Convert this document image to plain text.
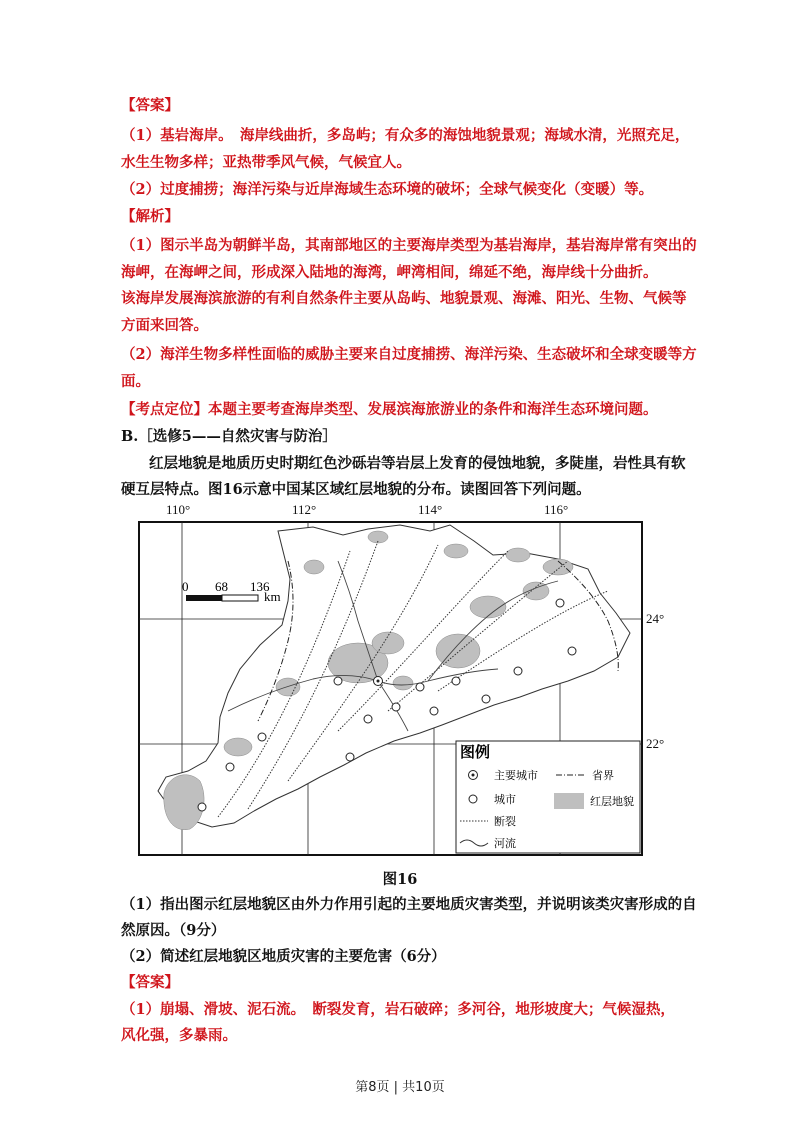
【答案】
（1）基岩海岸。　海岸线曲折，多岛屿；有众多的海蚀地貌景观；海域水清，光照充足，
水生生物多样；亚热带季风气候，气候宜人。
（2）过度捕捞；海洋污染与近岸海域生态环境的破坏；全球气候变化（变暖）等。
【解析】
（1）图示半岛为朝鲜半岛，其南部地区的主要海岸类型为基岩海岸，基岩海岸常有突出的
海岬，在海岬之间，形成深入陆地的海湾，岬湾相间，绵延不绝，海岸线十分曲折。
该海岸发展海滨旅游的有利自然条件主要从岛屿、地貌景观、海滩、阳光、生物、气候等
方面来回答。
（2）海洋生物多样性面临的威胁主要来自过度捕捞、海洋污染、生态破坏和全球变暖等方
面。
【考点定位】本题主要考查海岸类型、发展滨海旅游业的条件和海洋生态环境问题。
B.［选修5——自然灾害与防治］
红层地貌是地质历史时期红色沙砾岩等岩层上发育的侵蚀地貌，多陡崖，岩性具有软
硬互层特点。图16示意中国某区域红层地貌的分布。读图回答下列问题。
0 68 136
km
图例
主要城市	省界
城市	红层地貌
断裂
河流
110°	112°	114°	116°
24°
22°
图16
（1）指出图示红层地貌区由外力作用引起的主要地质灾害类型，并说明该类灾害形成的自
然原因。（9分）
（2）简述红层地貌区地质灾害的主要危害（6分）
【答案】
（1）崩塌、滑坡、泥石流。　断裂发育，岩石破碎；多河谷，地形坡度大；气候湿热，
风化强，多暴雨。
第8页 | 共10页
